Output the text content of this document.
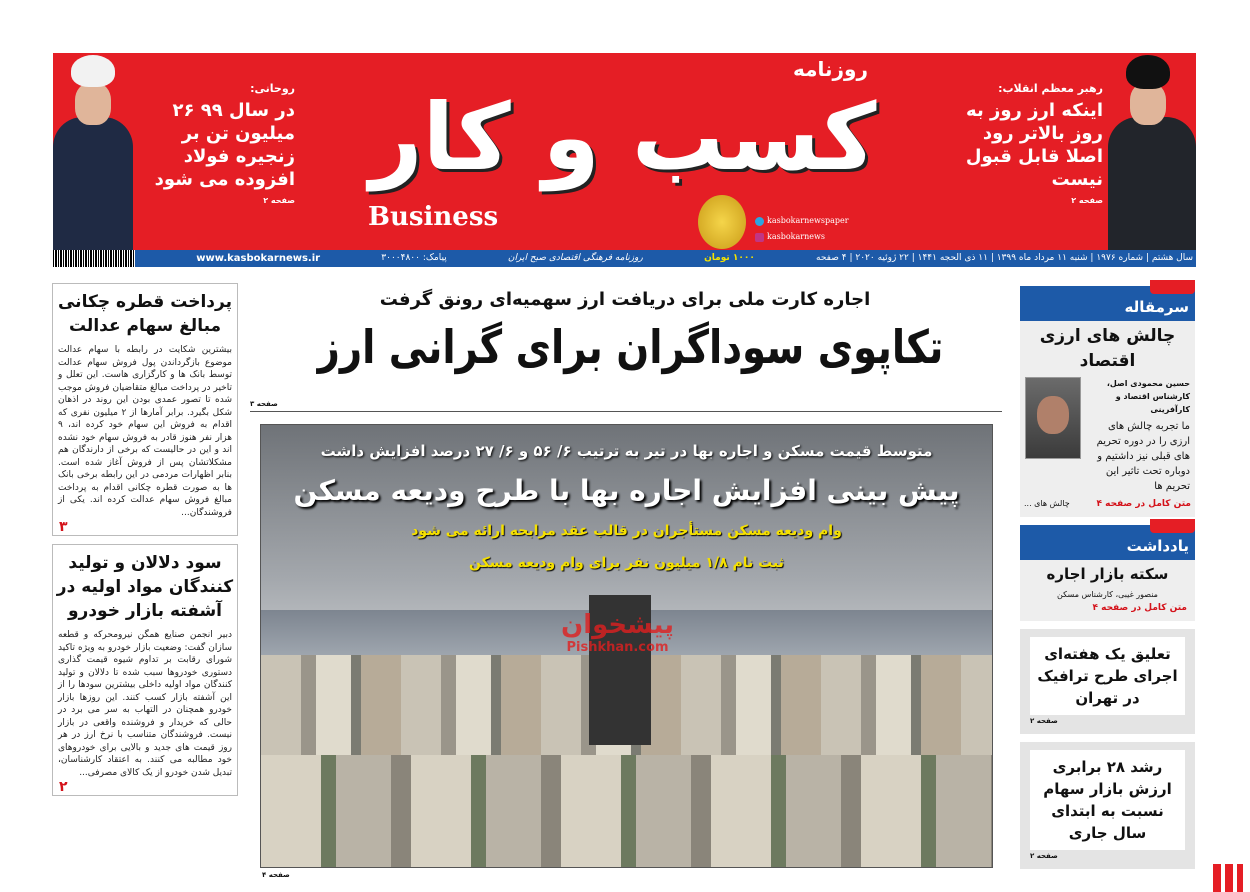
روحانی:
در سال ۹۹ ۲۶ میلیون تن بر زنجیره فولاد افزوده می شود
صفحه ۲
روزنامه
کسب و کار
Business	kasbokarnewspaper
kasbokarnews
رهبر معظم انقلاب:
اینکه ارز روز به روز بالاتر رود اصلا قابل قبول نیست
صفحه ۲
سال هشتم | شماره ۱۹۷۶ | شنبه ۱۱ مرداد ماه ۱۳۹۹ | ۱۱ ذی الحجه ۱۴۴۱ | ۲۲ ژوئیه ۲۰۲۰ | ۴ صفحه
۱۰۰۰ تومان
روزنامه فرهنگی اقتصادی صبح ایران
پیامک: ۳۰۰۰۴۸۰۰
www.kasbokarnews.ir
پرداخت قطره چکانی مبالغ سهام عدالت

بیشترین شکایت در رابطه با سهام عدالت موضوع بازگرداندن پول فروش سهام عدالت توسط بانک ها و کارگزاری هاست. این تعلل و تاخیر در پرداخت مبالغ متقاضیان فروش موجب شده تا تصور عمدی بودن این روند در اذهان شکل بگیرد. برابر آمارها از ۲ میلیون نفری که اقدام به فروش این سهام خود کرده اند، ۹ هزار نفر هنوز قادر به فروش سهام خود نشده اند و این در حالیست که برخی از دارندگان هم مشکلاتشان پس از فروش آغاز شده است. بنابر اظهارات مردمی در این رابطه برخی بانک ها به صورت قطره چکانی اقدام به پرداخت مبالغ فروش سهام عدالت کرده اند. یکی از فروشندگان...

۳
سود دلالان و تولید کنندگان مواد اولیه در آشفته بازار خودرو

دبیر انجمن صنایع همگن نیرومحرکه و قطعه سازان گفت: وضعیت بازار خودرو به ویژه تاکید شورای رقابت بر تداوم شیوه قیمت گذاری دستوری خودروها سبب شده تا دلالان و تولید کنندگان مواد اولیه داخلی بیشترین سودها را از این آشفته بازار کسب کنند. این روزها بازار خودرو همچنان در التهاب به سر می برد در حالی که خریدار و فروشنده واقعی در بازار نیست. فروشندگان متناسب با نرخ ارز در هر روز قیمت های جدید و بالایی برای خودروهای خود مطالبه می کنند. به اعتقاد کارشناسان، تبدیل شدن خودرو از یک کالای مصرفی...

۲
اجاره کارت ملی برای دریافت ارز سهمیه‌ای رونق گرفت
تکاپوی سوداگران برای گرانی ارز
صفحه ۳
متوسط قیمت مسکن و اجاره بها در تیر به ترتیب ۶/ ۵۶ و ۶/ ۲۷ درصد افزایش داشت
پیش بینی افزایش اجاره بها با طرح ودیعه مسکن
وام ودیعه مسکن مستأجران در قالب عقد مرابحه ارائه می شود
ثبت نام ۱/۸ میلیون نفر برای وام ودیعه مسکن
پیشخوان
Pishkhan.com
صفحه ۴
سرمقاله
چالش های ارزی اقتصاد
حسین محمودی اصل، کارشناس اقتصاد و کارآفرینی
ما تجربه چالش های ارزی را در دوره تحریم های قبلی نیز داشتیم و دوباره تحت تاثیر این تحریم ها
متن کامل در صفحه ۴
چالش های ...
یادداشت
سکته بازار اجاره
منصور غیبی، کارشناس مسکن
متن کامل در صفحه ۴
تعلیق یک هفته‌ای اجرای طرح ترافیک در تهران
صفحه ۲
رشد ۲۸ برابری ارزش بازار سهام نسبت به ابتدای سال جاری
صفحه ۲
